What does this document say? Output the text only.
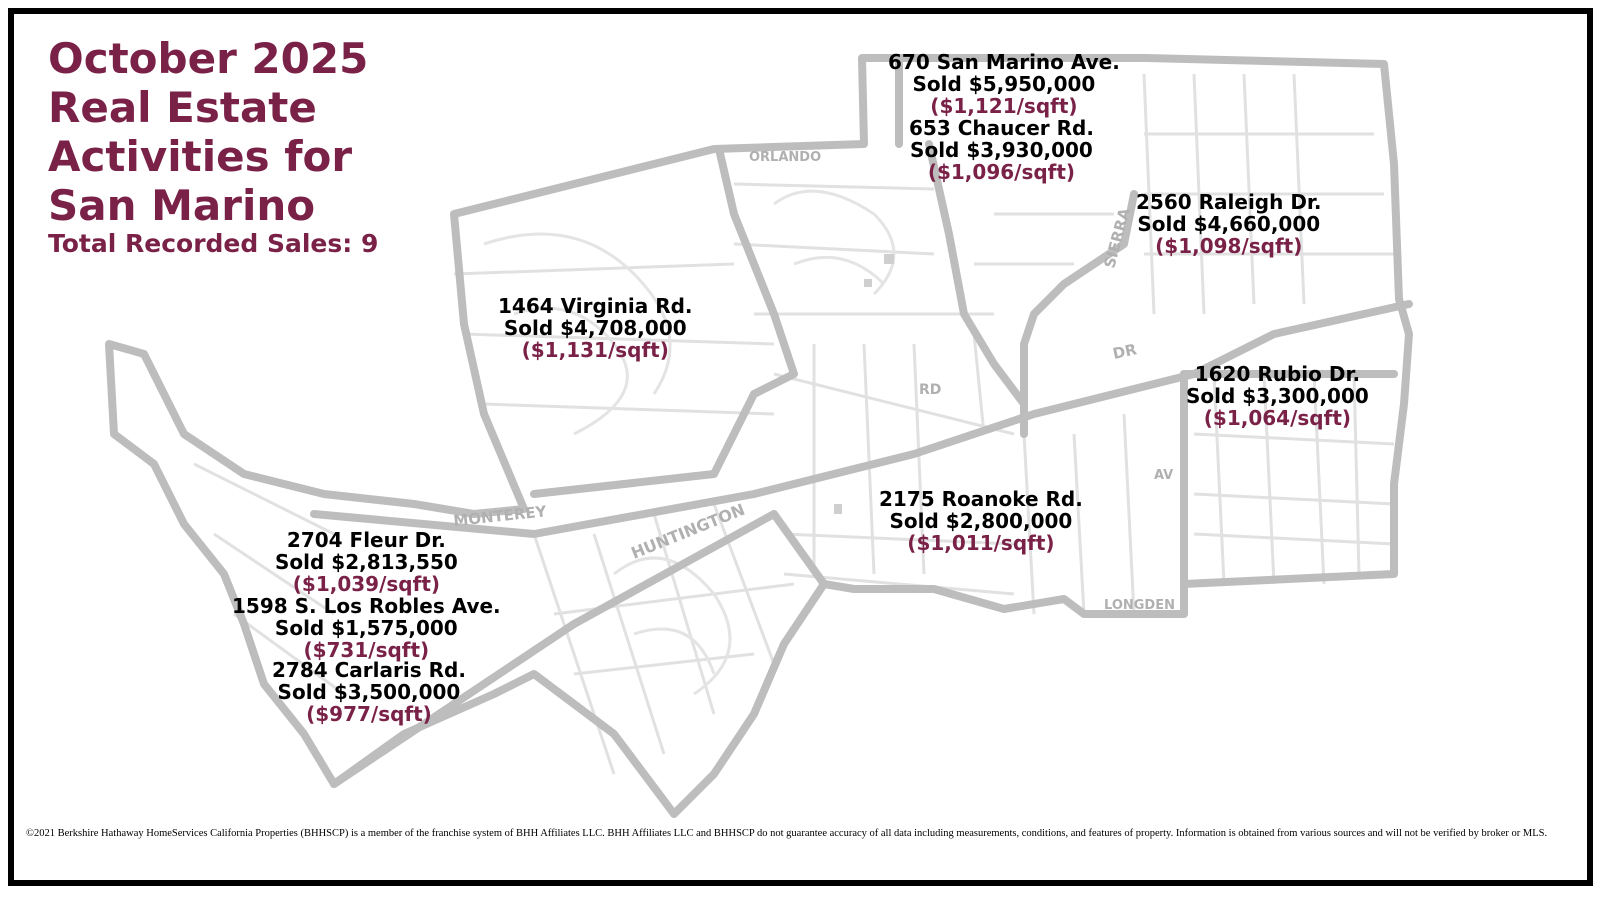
ORLANDO
HUNTINGTON
MONTEREY
SIERRA
LONGDEN
RD
DR
AV
October 2025
Real Estate
Activities for
San Marino
Total Recorded Sales: 9
670 San Marino Ave.
Sold $5,950,000
($1,121/sqft)
653 Chaucer Rd.
Sold $3,930,000
($1,096/sqft)
2560 Raleigh Dr.
Sold $4,660,000
($1,098/sqft)
1464 Virginia Rd.
Sold $4,708,000
($1,131/sqft)
1620 Rubio Dr.
Sold $3,300,000
($1,064/sqft)
2175 Roanoke Rd.
Sold $2,800,000
($1,011/sqft)
2704 Fleur Dr.
Sold $2,813,550
($1,039/sqft)
1598 S. Los Robles Ave.
Sold $1,575,000
($731/sqft)
2784 Carlaris Rd.
Sold $3,500,000
($977/sqft)
©2021 Berkshire Hathaway HomeServices California Properties (BHHSCP) is a member of the franchise system of BHH Affiliates LLC. BHH Affiliates LLC and BHHSCP do not guarantee accuracy of all data including measurements, conditions, and features of property. Information is obtained from various sources and will not be verified by broker or MLS.
